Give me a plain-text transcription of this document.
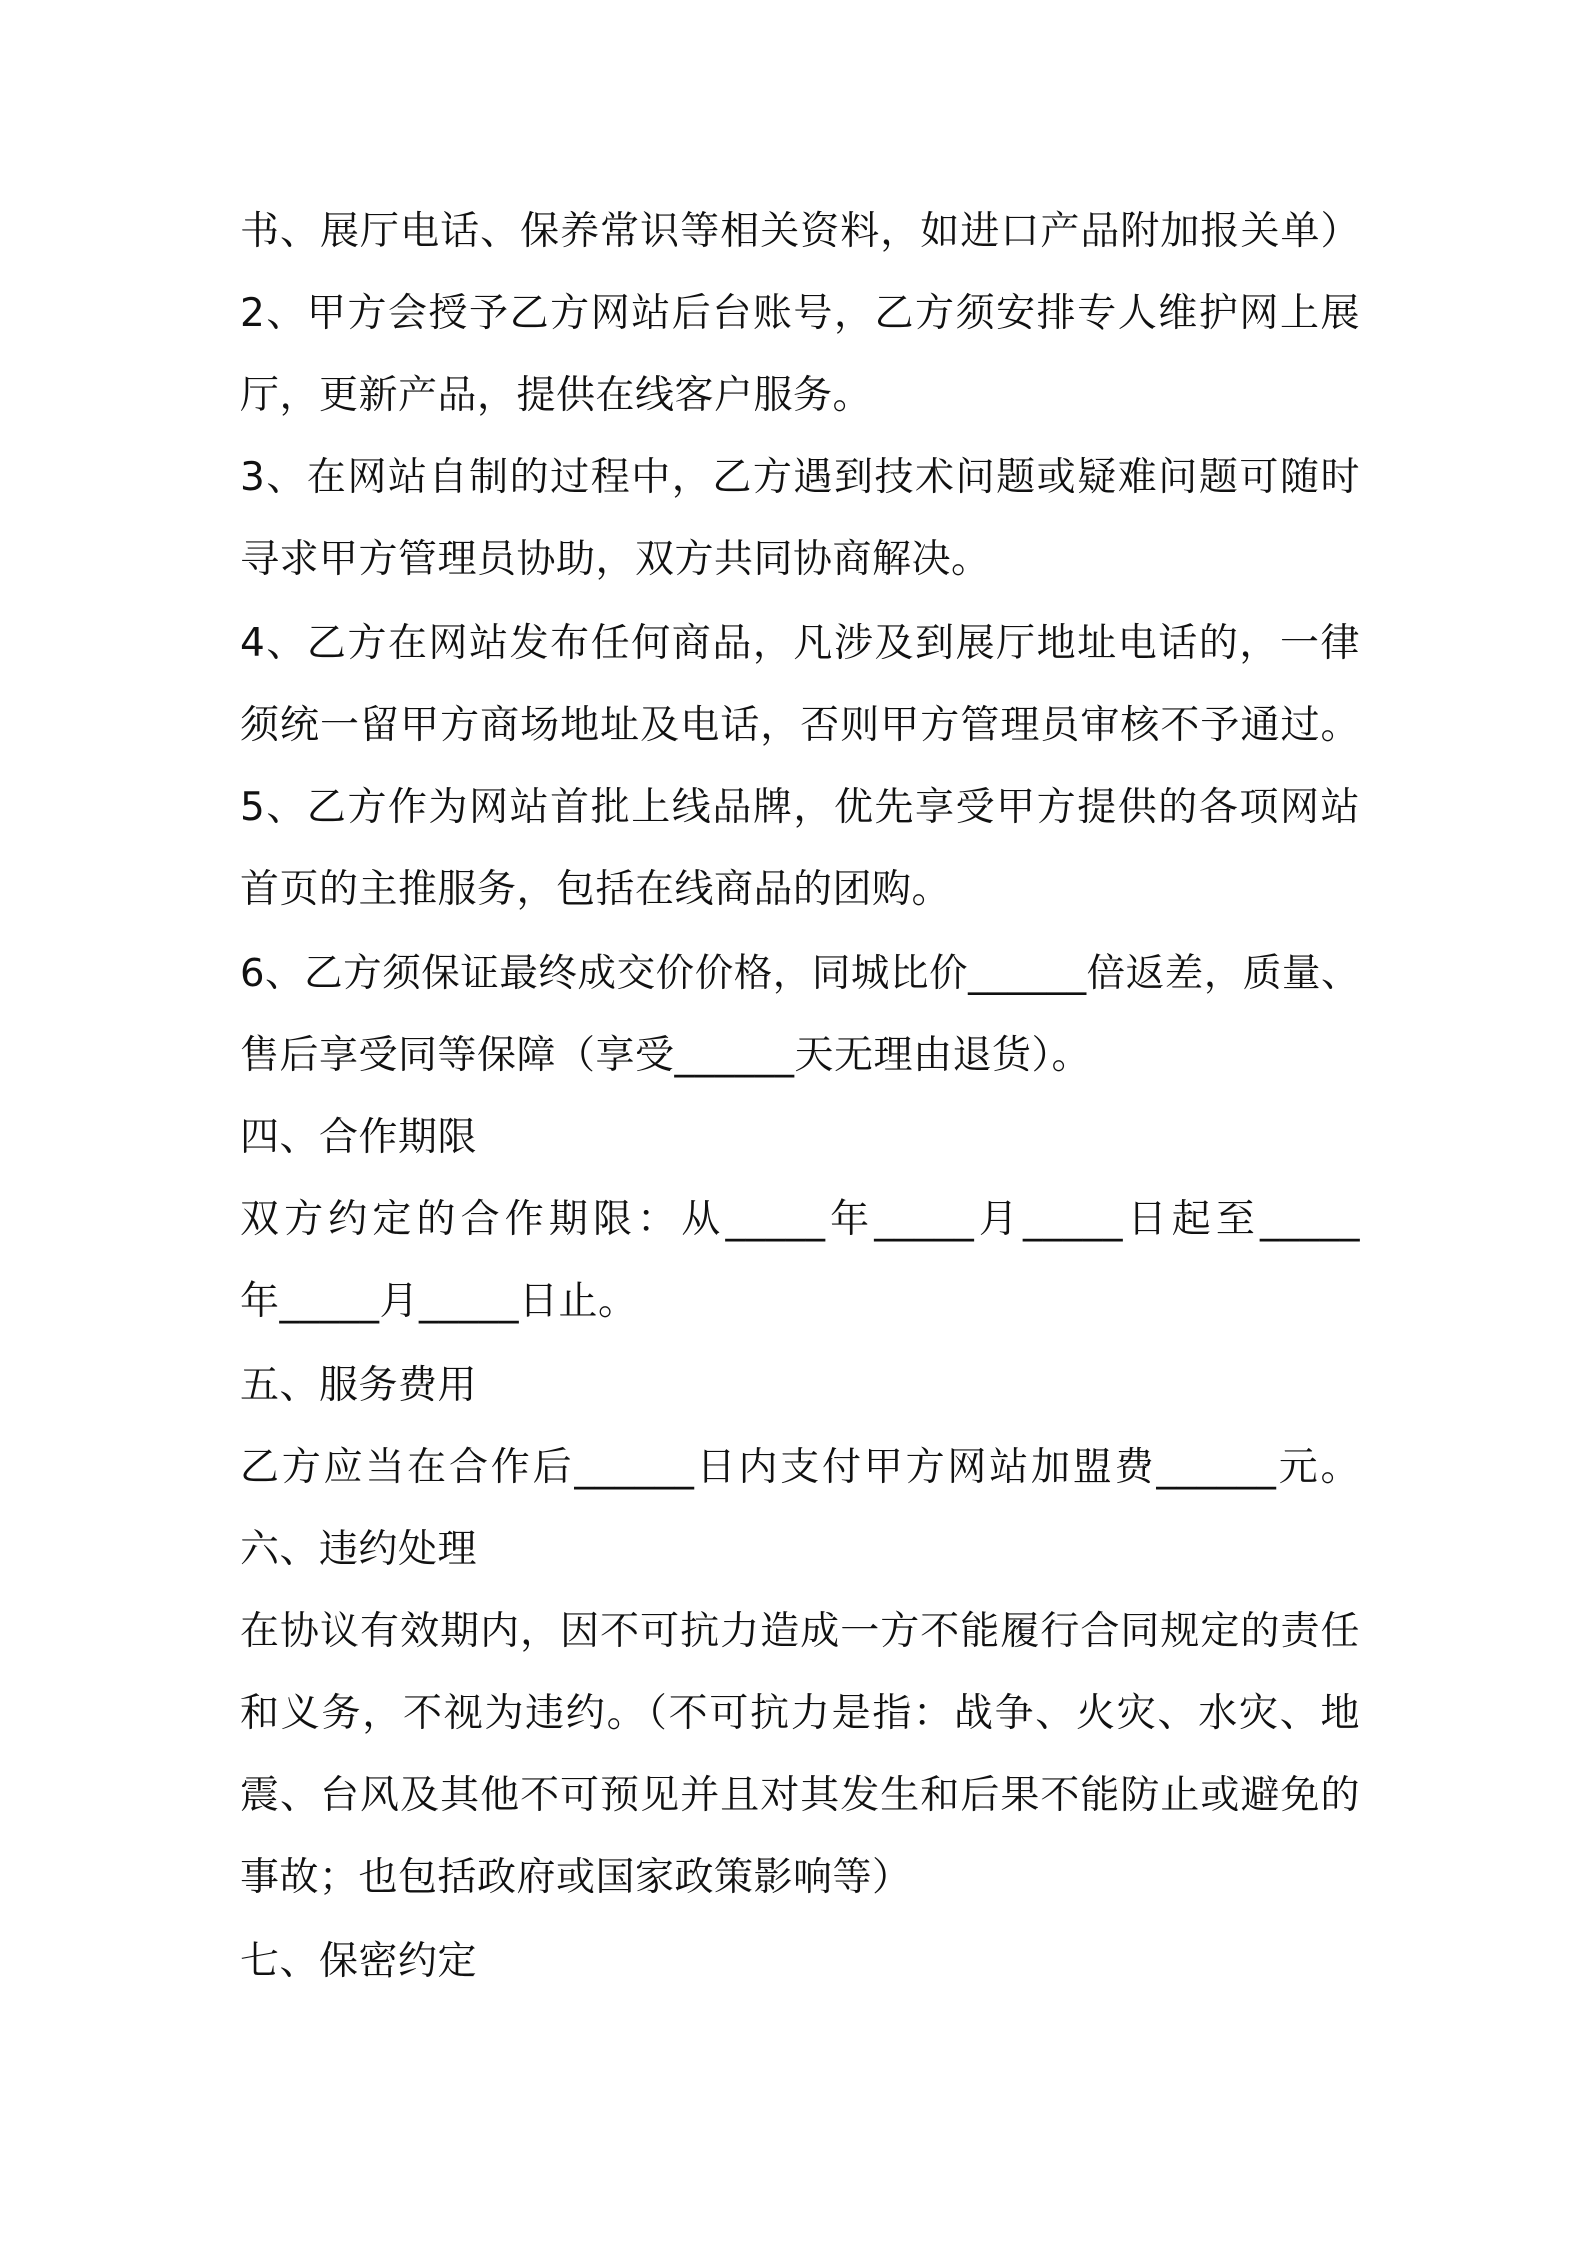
书、展厅电话、保养常识等相关资料，如进口产品附加报关单）

2、甲方会授予乙方网站后台账号，乙方须安排专人维护网上展

厅，更新产品，提供在线客户服务。

3、在网站自制的过程中，乙方遇到技术问题或疑难问题可随时

寻求甲方管理员协助，双方共同协商解决。

4、乙方在网站发布任何商品，凡涉及到展厅地址电话的，一律

须统一留甲方商场地址及电话，否则甲方管理员审核不予通过。

5、乙方作为网站首批上线品牌，优先享受甲方提供的各项网站

首页的主推服务，包括在线商品的团购。

6、乙方须保证最终成交价价格，同城比价______倍返差，质量、

售后享受同等保障（享受______天无理由退货）。

四、合作期限

双方约定的合作期限：从_____年_____月_____日起至_____

年_____月_____日止。

五、服务费用

乙方应当在合作后______日内支付甲方网站加盟费______元。

六、违约处理

在协议有效期内，因不可抗力造成一方不能履行合同规定的责任

和义务，不视为违约。（不可抗力是指：战争、火灾、水灾、地

震、台风及其他不可预见并且对其发生和后果不能防止或避免的

事故；也包括政府或国家政策影响等）

七、保密约定
